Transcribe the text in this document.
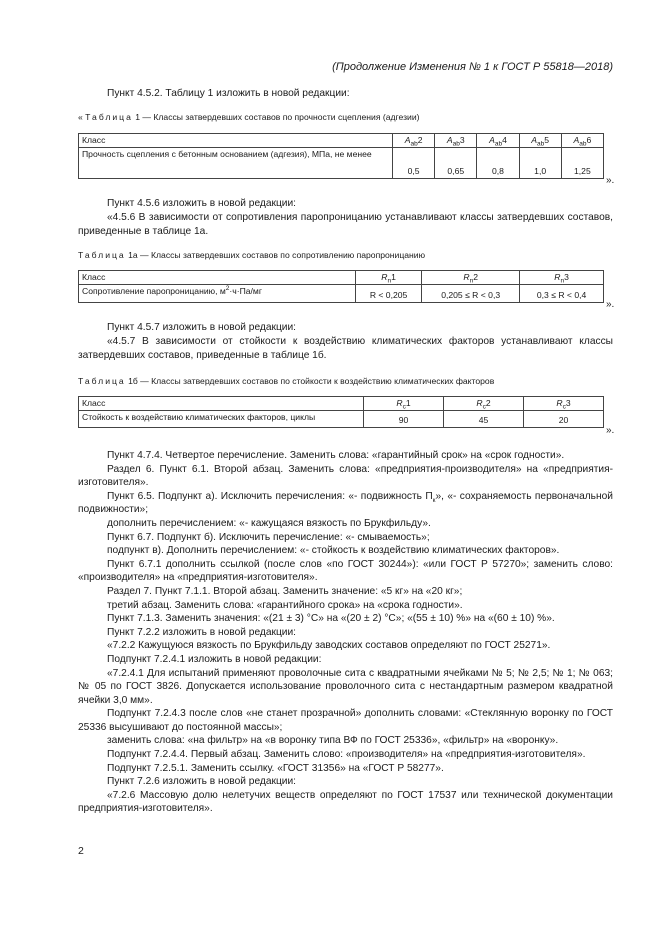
(Продолжение Изменения № 1 к ГОСТ Р 55818—2018)
Пункт 4.5.2. Таблицу 1 изложить в новой редакции:
« Таблица 1 — Классы затвердевших составов по прочности сцепления (адгезии)
Класс	$A_{ab}2$	$A_{ab}3$	$A_{ab}4$	$A_{ab}5$	$A_{ab}6$
Прочность сцепления с бетонным основанием (адгезия), МПа, не менее	0,5	0,65	0,8	1,0	1,25
».
Пункт 4.5.6 изложить в новой редакции:
«4.5.6 В зависимости от сопротивления паропроницанию устанавливают классы затвердевших составов, приведенные в таблице 1а.
Таблица 1а — Классы затвердевших составов по сопротивлению паропроницанию
Класс	$R_n1$	$R_n2$	$R_n3$
Сопротивление паропроницанию, $м^2\cdot ч\cdot Па/мг$	R < 0,205	0,205 ≤ R < 0,3	0,3 ≤ R < 0,4
».
Пункт 4.5.7 изложить в новой редакции:
«4.5.7 В зависимости от стойкости к воздействию климатических факторов устанавливают классы затвердевших составов, приведенные в таблице 1б.
Таблица 1б — Классы затвердевших составов по стойкости к воздействию климатических факторов
Класс	$R_c1$	$R_c2$	$R_c3$
Стойкость к воздействию климатических факторов, циклы	90	45	20
».
Пункт 4.7.4. Четвертое перечисление. Заменить слова: «гарантийный срок» на «срок годности».
Раздел 6. Пункт 6.1. Второй абзац. Заменить слова: «предприятия-производителя» на «предприятия-изготовителя».
Пункт 6.5. Подпункт а). Исключить перечисления: «- подвижность $П_к$», «- сохраняемость первоначальной подвижности»;
дополнить перечислением: «- кажущаяся вязкость по Брукфильду».
Пункт 6.7. Подпункт б). Исключить перечисление: «- смываемость»;
подпункт в). Дополнить перечислением: «- стойкость к воздействию климатических факторов».
Пункт 6.7.1 дополнить ссылкой (после слов «по ГОСТ 30244»): «или ГОСТ Р 57270»; заменить слово: «производителя» на «предприятия-изготовителя».
Раздел 7. Пункт 7.1.1. Второй абзац. Заменить значение: «5 кг» на «20 кг»;
третий абзац. Заменить слова: «гарантийного срока» на «срока годности».
Пункт 7.1.3. Заменить значения: «(21 ± 3) °С» на «(20 ± 2) °С»; «(55 ± 10) %» на «(60 ± 10) %».
Пункт 7.2.2 изложить в новой редакции:
«7.2.2 Кажущуюся вязкость по Брукфильду заводских составов определяют по ГОСТ 25271».
Подпункт 7.2.4.1 изложить в новой редакции:
«7.2.4.1 Для испытаний применяют проволочные сита с квадратными ячейками № 5; № 2,5; № 1; № 063; № 05 по ГОСТ 3826. Допускается использование проволочного сита с нестандартным размером квадратной ячейки 3,0 мм».
Подпункт 7.2.4.3 после слов «не станет прозрачной» дополнить словами: «Стеклянную воронку по ГОСТ 25336 высушивают до постоянной массы»;
заменить слова: «на фильтр» на «в воронку типа ВФ по ГОСТ 25336», «фильтр» на «воронку».
Подпункт 7.2.4.4. Первый абзац. Заменить слово: «производителя» на «предприятия-изготовителя».
Подпункт 7.2.5.1. Заменить ссылку. «ГОСТ 31356» на «ГОСТ Р 58277».
Пункт 7.2.6 изложить в новой редакции:
«7.2.6 Массовую долю нелетучих веществ определяют по ГОСТ 17537 или технической документации предприятия-изготовителя».
2
